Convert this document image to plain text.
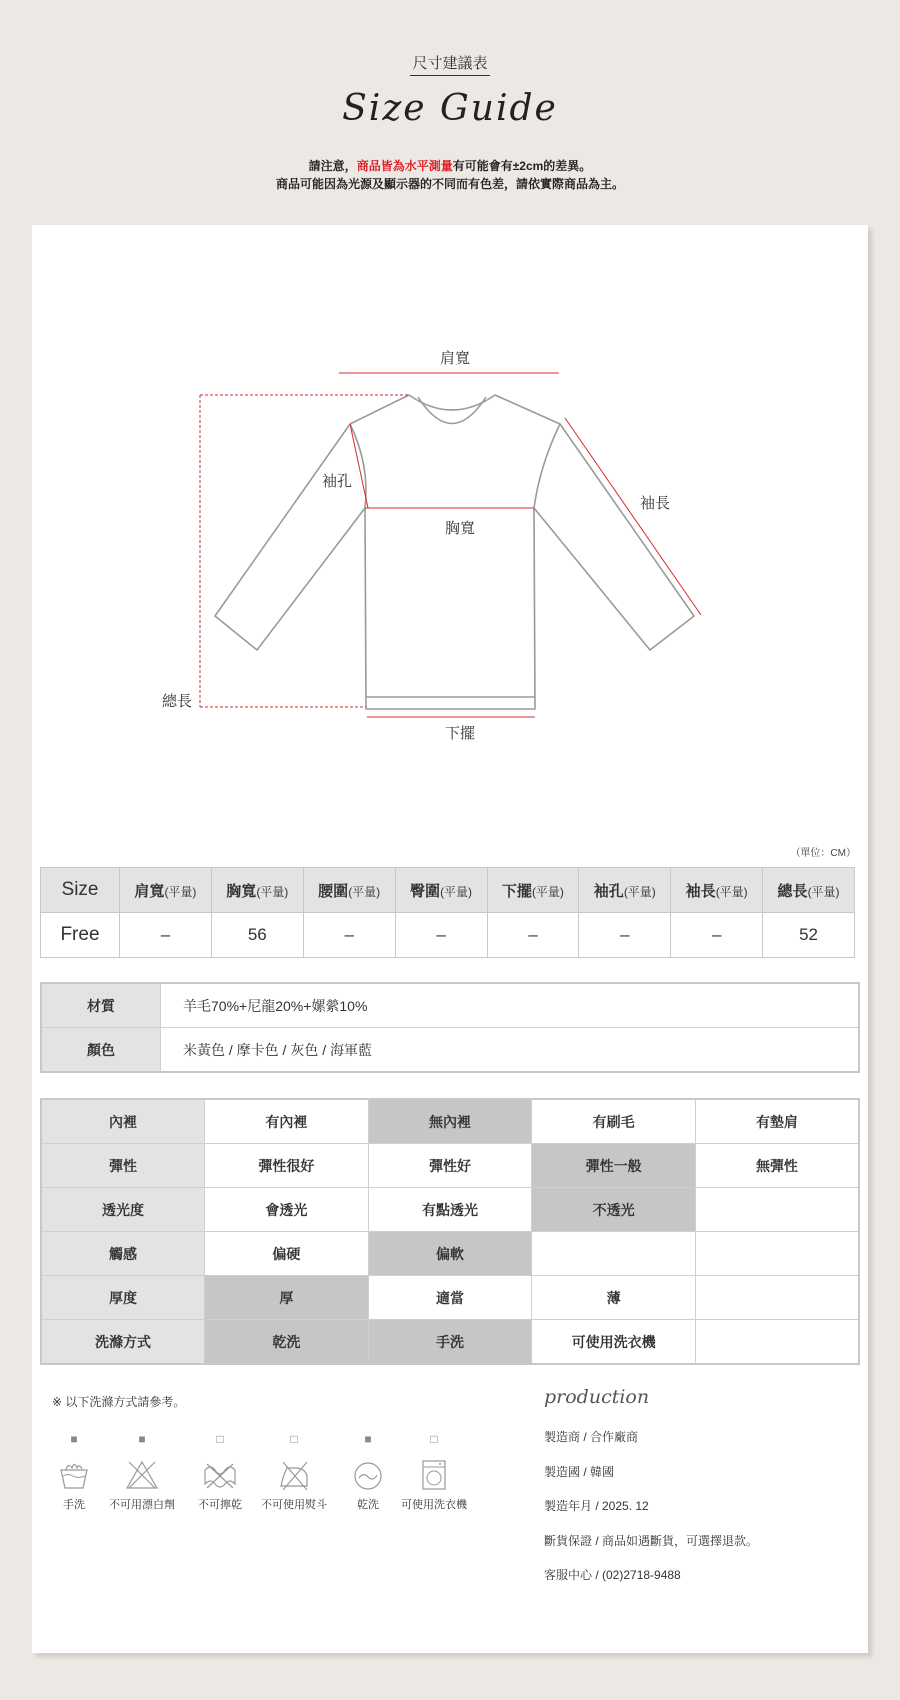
尺寸建議表
Size Guide
請注意，商品皆為水平測量有可能會有±2cm的差異。
商品可能因為光源及顯示器的不同而有色差，請依實際商品為主。
肩寬
袖孔
袖長
胸寬
總長
下擺
（單位：CM）
Size	肩寬(平量)	胸寬(平量)	腰圍(平量)	臀圍(平量)	下擺(平量)	袖孔(平量)	袖長(平量)	總長(平量)
Free	–	56	–	–	–	–	–	52
材質	羊毛70%+尼龍20%+嫘縈10%
顏色	米黃色 / 摩卡色 / 灰色 / 海軍藍
內裡	有內裡	無內裡	有刷毛	有墊肩
彈性	彈性很好	彈性好	彈性一般	無彈性
透光度	會透光	有點透光	不透光	
觸感	偏硬	偏軟		
厚度	厚	適當	薄	
洗滌方式	乾洗	手洗	可使用洗衣機	
※ 以下洗滌方式請參考。
■
手洗
■
不可用漂白劑
□
不可擰乾
□
不可使用熨斗
■
乾洗
□
可使用洗衣機
production
製造商 / 合作廠商
製造國 / 韓國
製造年月 / 2025. 12
斷貨保證 / 商品如遇斷貨，可選擇退款。
客服中心 / (02)2718-9488
